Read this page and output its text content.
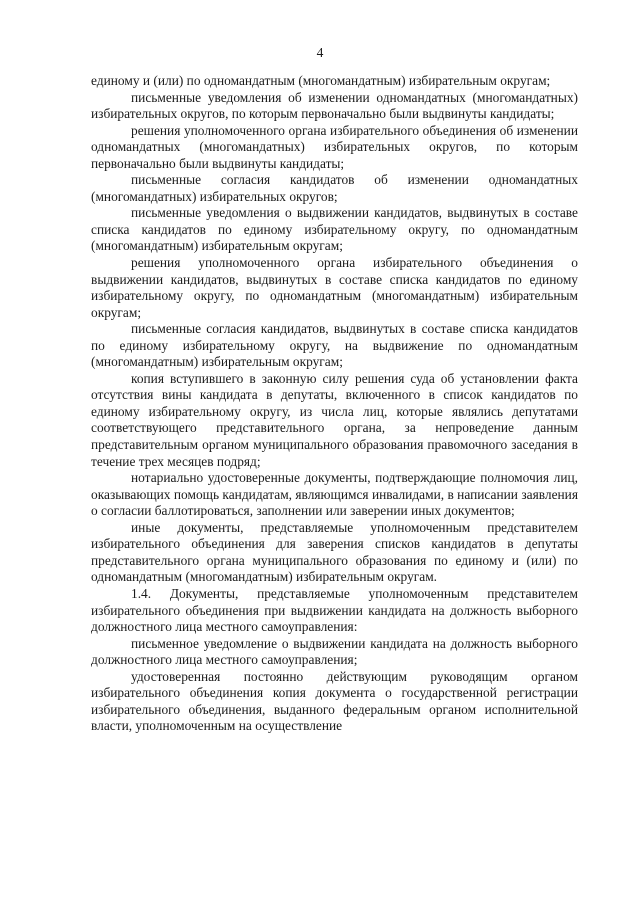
4

единому и (или) по одномандатным (многомандатным) избирательным округам;

письменные уведомления об изменении одномандатных (многомандатных) избирательных округов, по которым первоначально были выдвинуты кандидаты;

решения уполномоченного органа избирательного объединения об изменении одномандатных (многомандатных) избирательных округов, по которым первоначально были выдвинуты кандидаты;

письменные согласия кандидатов об изменении одномандатных (многомандатных) избирательных округов;

письменные уведомления о выдвижении кандидатов, выдвинутых в составе списка кандидатов по единому избирательному округу, по одномандатным (многомандатным) избирательным округам;

решения уполномоченного органа избирательного объединения о выдвижении кандидатов, выдвинутых в составе списка кандидатов по единому избирательному округу, по одномандатным (многомандатным) избирательным округам;

письменные согласия кандидатов, выдвинутых в составе списка кандидатов по единому избирательному округу, на выдвижение по одномандатным (многомандатным) избирательным округам;

копия вступившего в законную силу решения суда об установлении факта отсутствия вины кандидата в депутаты, включенного в список кандидатов по единому избирательному округу, из числа лиц, которые являлись депутатами соответствующего представительного органа, за непроведение данным представительным органом муниципального образования правомочного заседания в течение трех месяцев подряд;

нотариально удостоверенные документы, подтверждающие полномочия лиц, оказывающих помощь кандидатам, являющимся инвалидами, в написании заявления о согласии баллотироваться, заполнении или заверении иных документов;

иные документы, представляемые уполномоченным представителем избирательного объединения для заверения списков кандидатов в депутаты представительного органа муниципального образования по единому и (или) по одномандатным (многомандатным) избирательным округам.

1.4. Документы, представляемые уполномоченным представителем избирательного объединения при выдвижении кандидата на должность выборного должностного лица местного самоуправления:

письменное уведомление о выдвижении кандидата на должность выборного должностного лица местного самоуправления;

удостоверенная постоянно действующим руководящим органом избирательного объединения копия документа о государственной регистрации избирательного объединения, выданного федеральным органом исполнительной власти, уполномоченным на осуществление
